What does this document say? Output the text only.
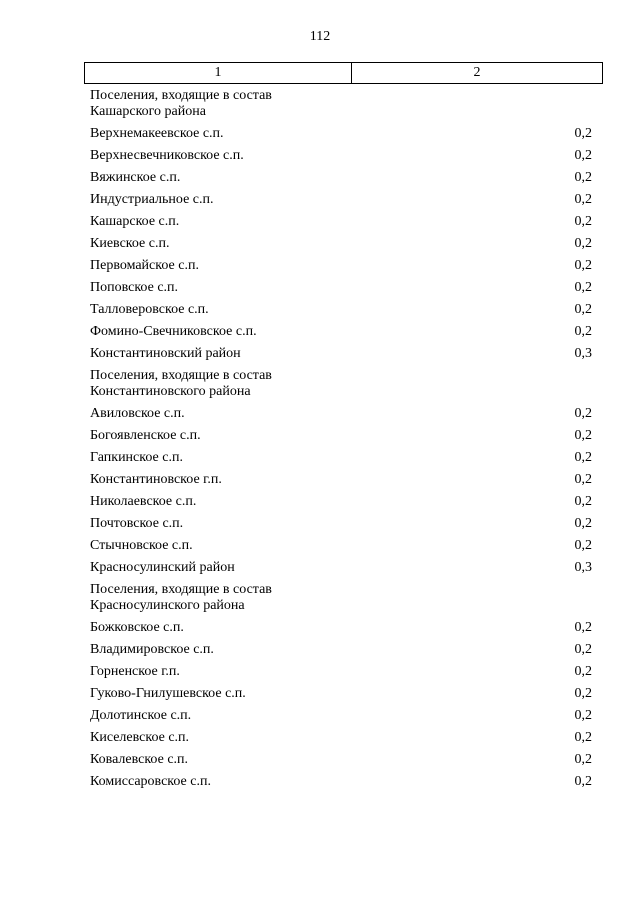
112
1	2
Поселения, входящие в состав Кашарского района
Верхнемакеевское с.п.	0,2
Верхнесвечниковское с.п.	0,2
Вяжинское с.п.	0,2
Индустриальное с.п.	0,2
Кашарское с.п.	0,2
Киевское с.п.	0,2
Первомайское с.п.	0,2
Поповское с.п.	0,2
Талловеровское с.п.	0,2
Фомино-Свечниковское с.п.	0,2
Константиновский район	0,3
Поселения, входящие в состав Константиновского района
Авиловское с.п.	0,2
Богоявленское с.п.	0,2
Гапкинское с.п.	0,2
Константиновское г.п.	0,2
Николаевское с.п.	0,2
Почтовское с.п.	0,2
Стычновское с.п.	0,2
Красносулинский район	0,3
Поселения, входящие в состав Красносулинского района
Божковское с.п.	0,2
Владимировское с.п.	0,2
Горненское г.п.	0,2
Гуково-Гнилушевское с.п.	0,2
Долотинское с.п.	0,2
Киселевское с.п.	0,2
Ковалевское с.п.	0,2
Комиссаровское с.п.	0,2
